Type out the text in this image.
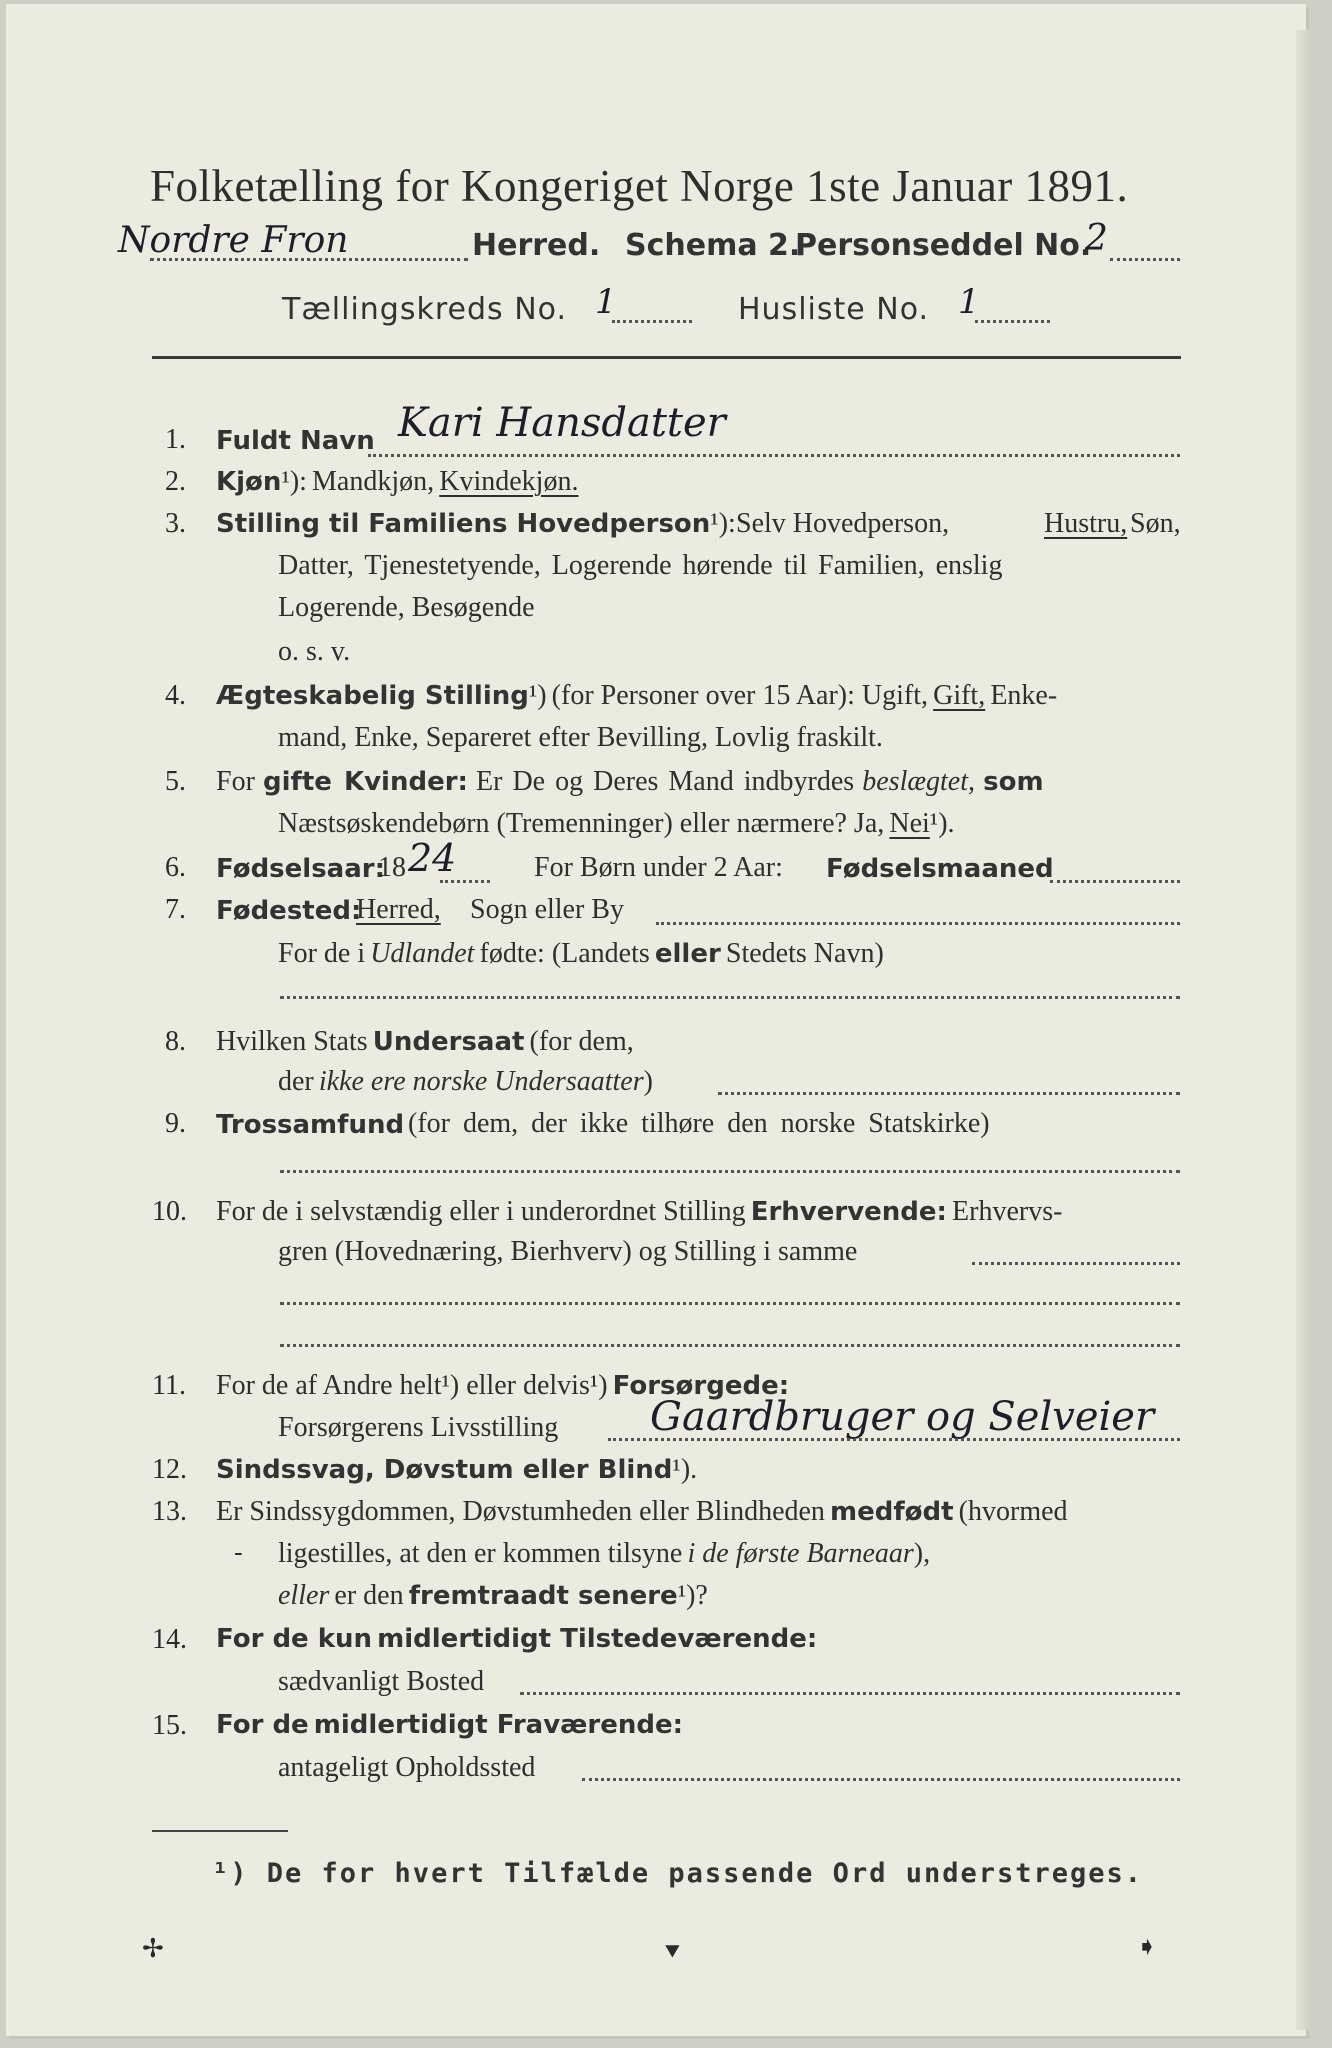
Folketælling for Kongeriget Norge 1ste Januar 1891.
Nordre Fron	Herred. Schema 2.
Personseddel No.
2
Tællingskreds No. 1	Husliste No. 1
1. Fuldt Navn Kari Hansdatter
2. Kjøn¹): Mandkjøn, Kvindekjøn.
3. Stilling til Familiens Hovedperson¹): Selv Hovedperson,	Hustru, Søn,
Datter, Tjenestetyende, Logerende hørende til Familien, enslig
Logerende, Besøgende
o. s. v.
4. Ægteskabelig Stilling¹) (for Personer over 15 Aar): Ugift, Gift, Enke-
mand, Enke, Separeret efter Bevilling, Lovlig fraskilt.
5. For gifte Kvinder: Er De og Deres Mand indbyrdes beslægtet, som
Næstsøskendebørn (Tremenninger) eller nærmere? Ja, Nei¹).
6. Fødselsaar:
18 24	For Børn under 2 Aar: Fødselsmaaned
7. Fødested:
Herred, Sogn eller By
For de i Udlandet fødte: (Landets eller Stedets Navn)
8. Hvilken Stats Undersaat (for dem,
der ikke ere norske Undersaatter)
9. Trossamfund (for dem, der ikke tilhøre den norske Statskirke)
10. For de i selvstændig eller i underordnet Stilling Erhvervende: Erhvervs-
gren (Hovednæring, Bierhverv) og Stilling i samme
11. For de af Andre helt¹) eller delvis¹) Forsørgede:
Forsørgerens Livsstilling Gaardbruger og Selveier
12. Sindssvag, Døvstum eller Blind¹).
13. Er Sindssygdommen, Døvstumheden eller Blindheden medfødt (hvormed
- ligestilles, at den er kommen tilsyne i de første Barneaar),
eller er den fremtraadt senere¹)?
14. For de kun midlertidigt Tilstedeværende:
sædvanligt Bosted
15. For de midlertidigt Fraværende:
antageligt Opholdssted
¹) De for hvert Tilfælde passende Ord understreges.
✢	⯆	➧
